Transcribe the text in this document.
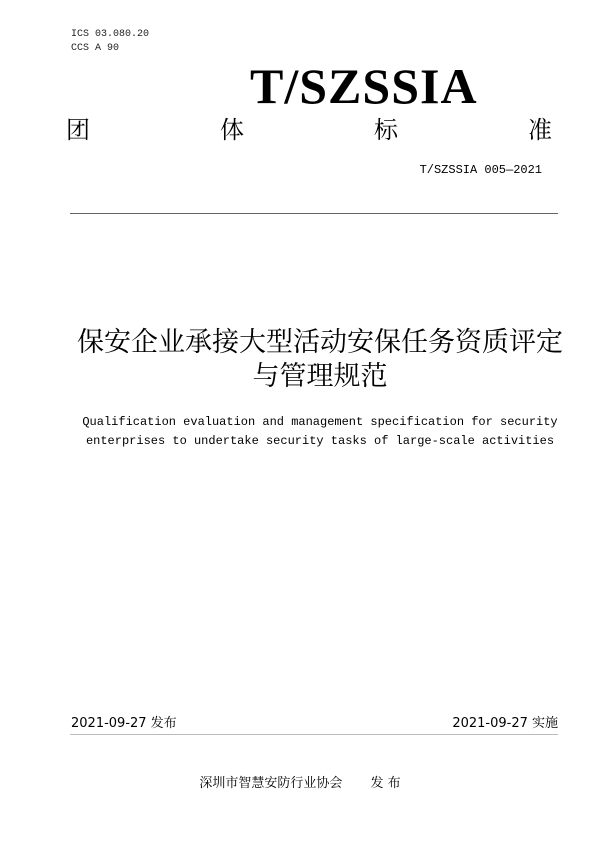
ICS 03.080.20
CCS A 90
T/SZSSIA
团	体	标	准
T/SZSSIA 005—2021
保安企业承接大型活动安保任务资质评定
与管理规范
Qualification evaluation and management specification for security
enterprises to undertake security tasks of large-scale activities
2021-09-27 发布	2021-09-27 实施
深圳市智慧安防行业协会 发 布
